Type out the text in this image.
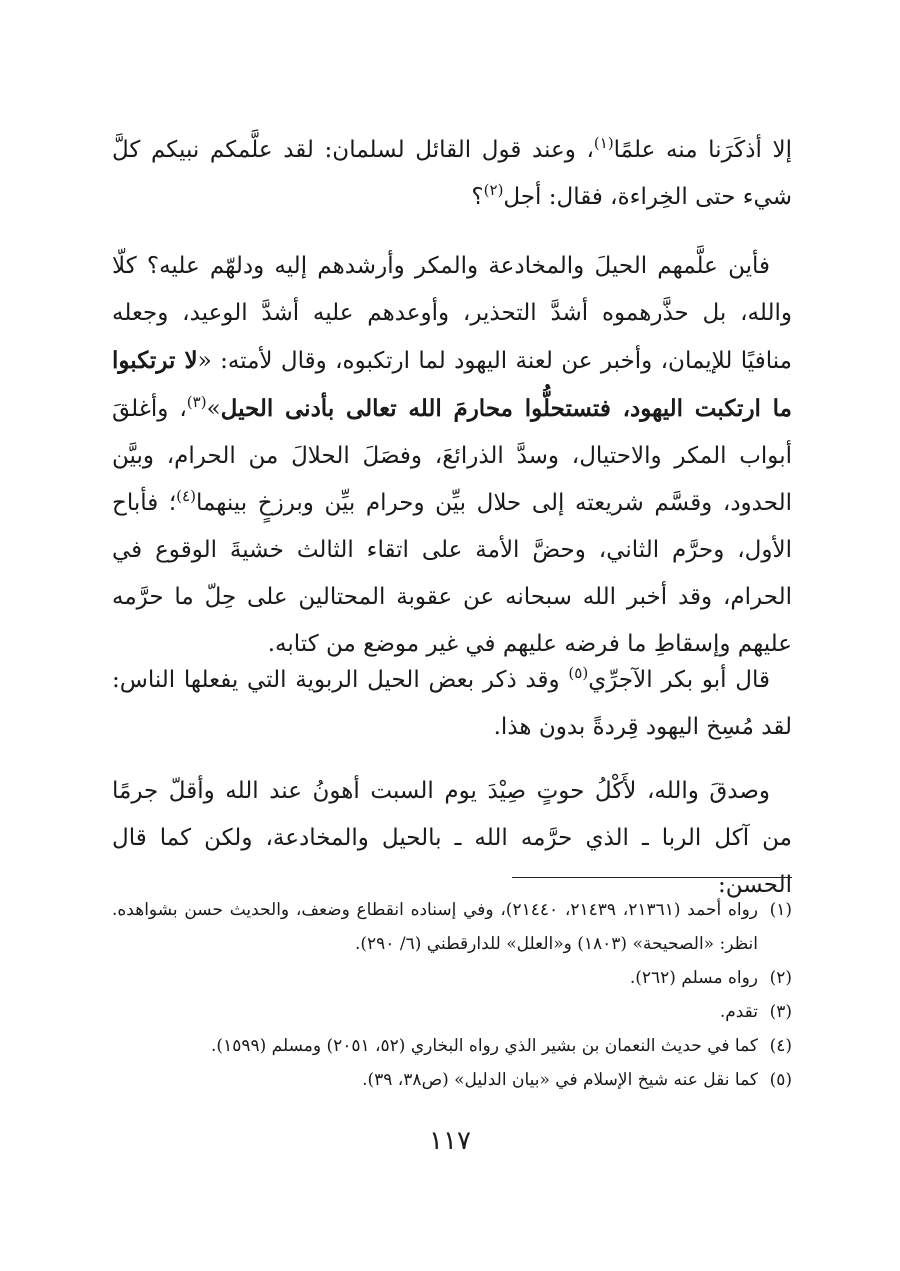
إلا أذكَرَنا منه علمًا$^{(١)}$، وعند قول القائل لسلمان: لقد علَّمكم نبيكم كلَّ شيء حتى الخِراءة، فقال: أجل$^{(٢)}$؟

فأين علَّمهم الحيلَ والمخادعة والمكر وأرشدهم إليه ودلهّم عليه؟ كلّا والله، بل حذَّرهموه أشدَّ التحذير، وأوعدهم عليه أشدَّ الوعيد، وجعله منافيًا للإيمان، وأخبر عن لعنة اليهود لما ارتكبوه، وقال لأمته: «لا ترتكبوا ما ارتكبت اليهود، فتستحلُّوا محارمَ الله تعالى بأدنى الحيل»$^{(٣)}$، وأغلقَ أبواب المكر والاحتيال، وسدَّ الذرائعَ، وفصَلَ الحلالَ من الحرام، وبيَّن الحدود، وقسَّم شريعته إلى حلال بيِّن وحرام بيِّن وبرزخٍ بينهما$^{(٤)}$؛ فأباح الأول، وحرَّم الثاني، وحضَّ الأمة على اتقاء الثالث خشيةَ الوقوع في الحرام، وقد أخبر الله سبحانه عن عقوبة المحتالين على حِلّ ما حرَّمه عليهم وإسقاطِ ما فرضه عليهم في غير موضع من كتابه.

قال أبو بكر الآجرِّي$^{(٥)}$ وقد ذكر بعض الحيل الربوية التي يفعلها الناس: لقد مُسِخ اليهود قِردةً بدون هذا.

وصدقَ والله، لأَكْلُ حوتٍ صِيْدَ يوم السبت أهونُ عند الله وأقلّ جرمًا من آكل الربا ـ الذي حرَّمه الله ـ بالحيل والمخادعة، ولكن كما قال الحسن:

(١)
رواه أحمد (٢١٣٦١، ٢١٤٣٩، ٢١٤٤٠)، وفي إسناده انقطاع وضعف، والحديث حسن بشواهده. انظر: «الصحيحة» (١٨٠٣) و«العلل» للدارقطني (٦/ ٢٩٠).
(٢)
رواه مسلم (٢٦٢).
(٣)
تقدم.
(٤)
كما في حديث النعمان بن بشير الذي رواه البخاري (٥٢، ٢٠٥١) ومسلم (١٥٩٩).
(٥)
كما نقل عنه شيخ الإسلام في «بيان الدليل» (ص٣٨، ٣٩).
١١٧
